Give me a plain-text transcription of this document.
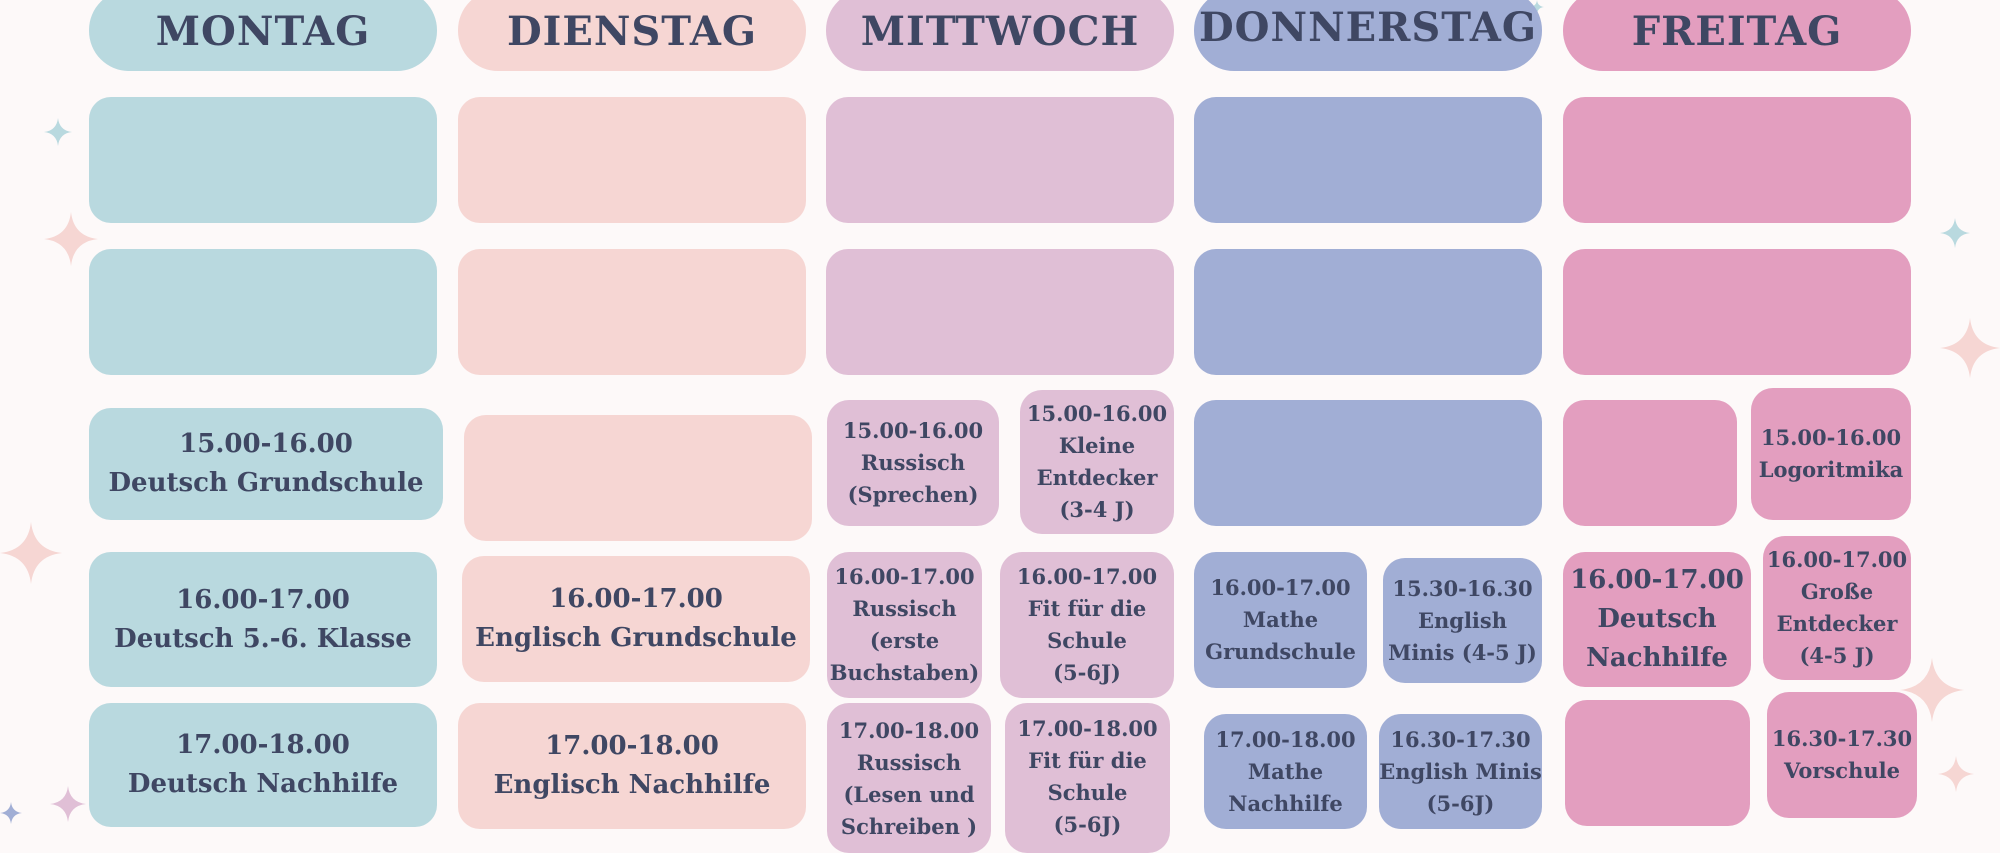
MONTAG	DIENSTAG	MITTWOCH DONNERSTAG FREITAG
15.00-16.00
Deutsch Grundschule
16.00-17.00
Deutsch 5.-6. Klasse
17.00-18.00
Deutsch Nachhilfe
16.00-17.00
Englisch Grundschule
17.00-18.00
Englisch Nachhilfe
15.00-16.00
Russisch
(Sprechen)
15.00-16.00
Kleine
Entdecker
(3-4 J)
16.00-17.00
Russisch
(erste
Buchstaben)
16.00-17.00
Fit für die
Schule
(5-6J)
17.00-18.00
Russisch
(Lesen und
Schreiben )
17.00-18.00
Fit für die
Schule
(5-6J)
16.00-17.00
Mathe
Grundschule
15.30-16.30
English
Minis (4-5 J)
17.00-18.00
Mathe
Nachhilfe
16.30-17.30
English Minis
(5-6J)
15.00-16.00
Logoritmika
16.00-17.00
Deutsch
Nachhilfe
16.00-17.00
Große
Entdecker
(4-5 J)
16.30-17.30
Vorschule
